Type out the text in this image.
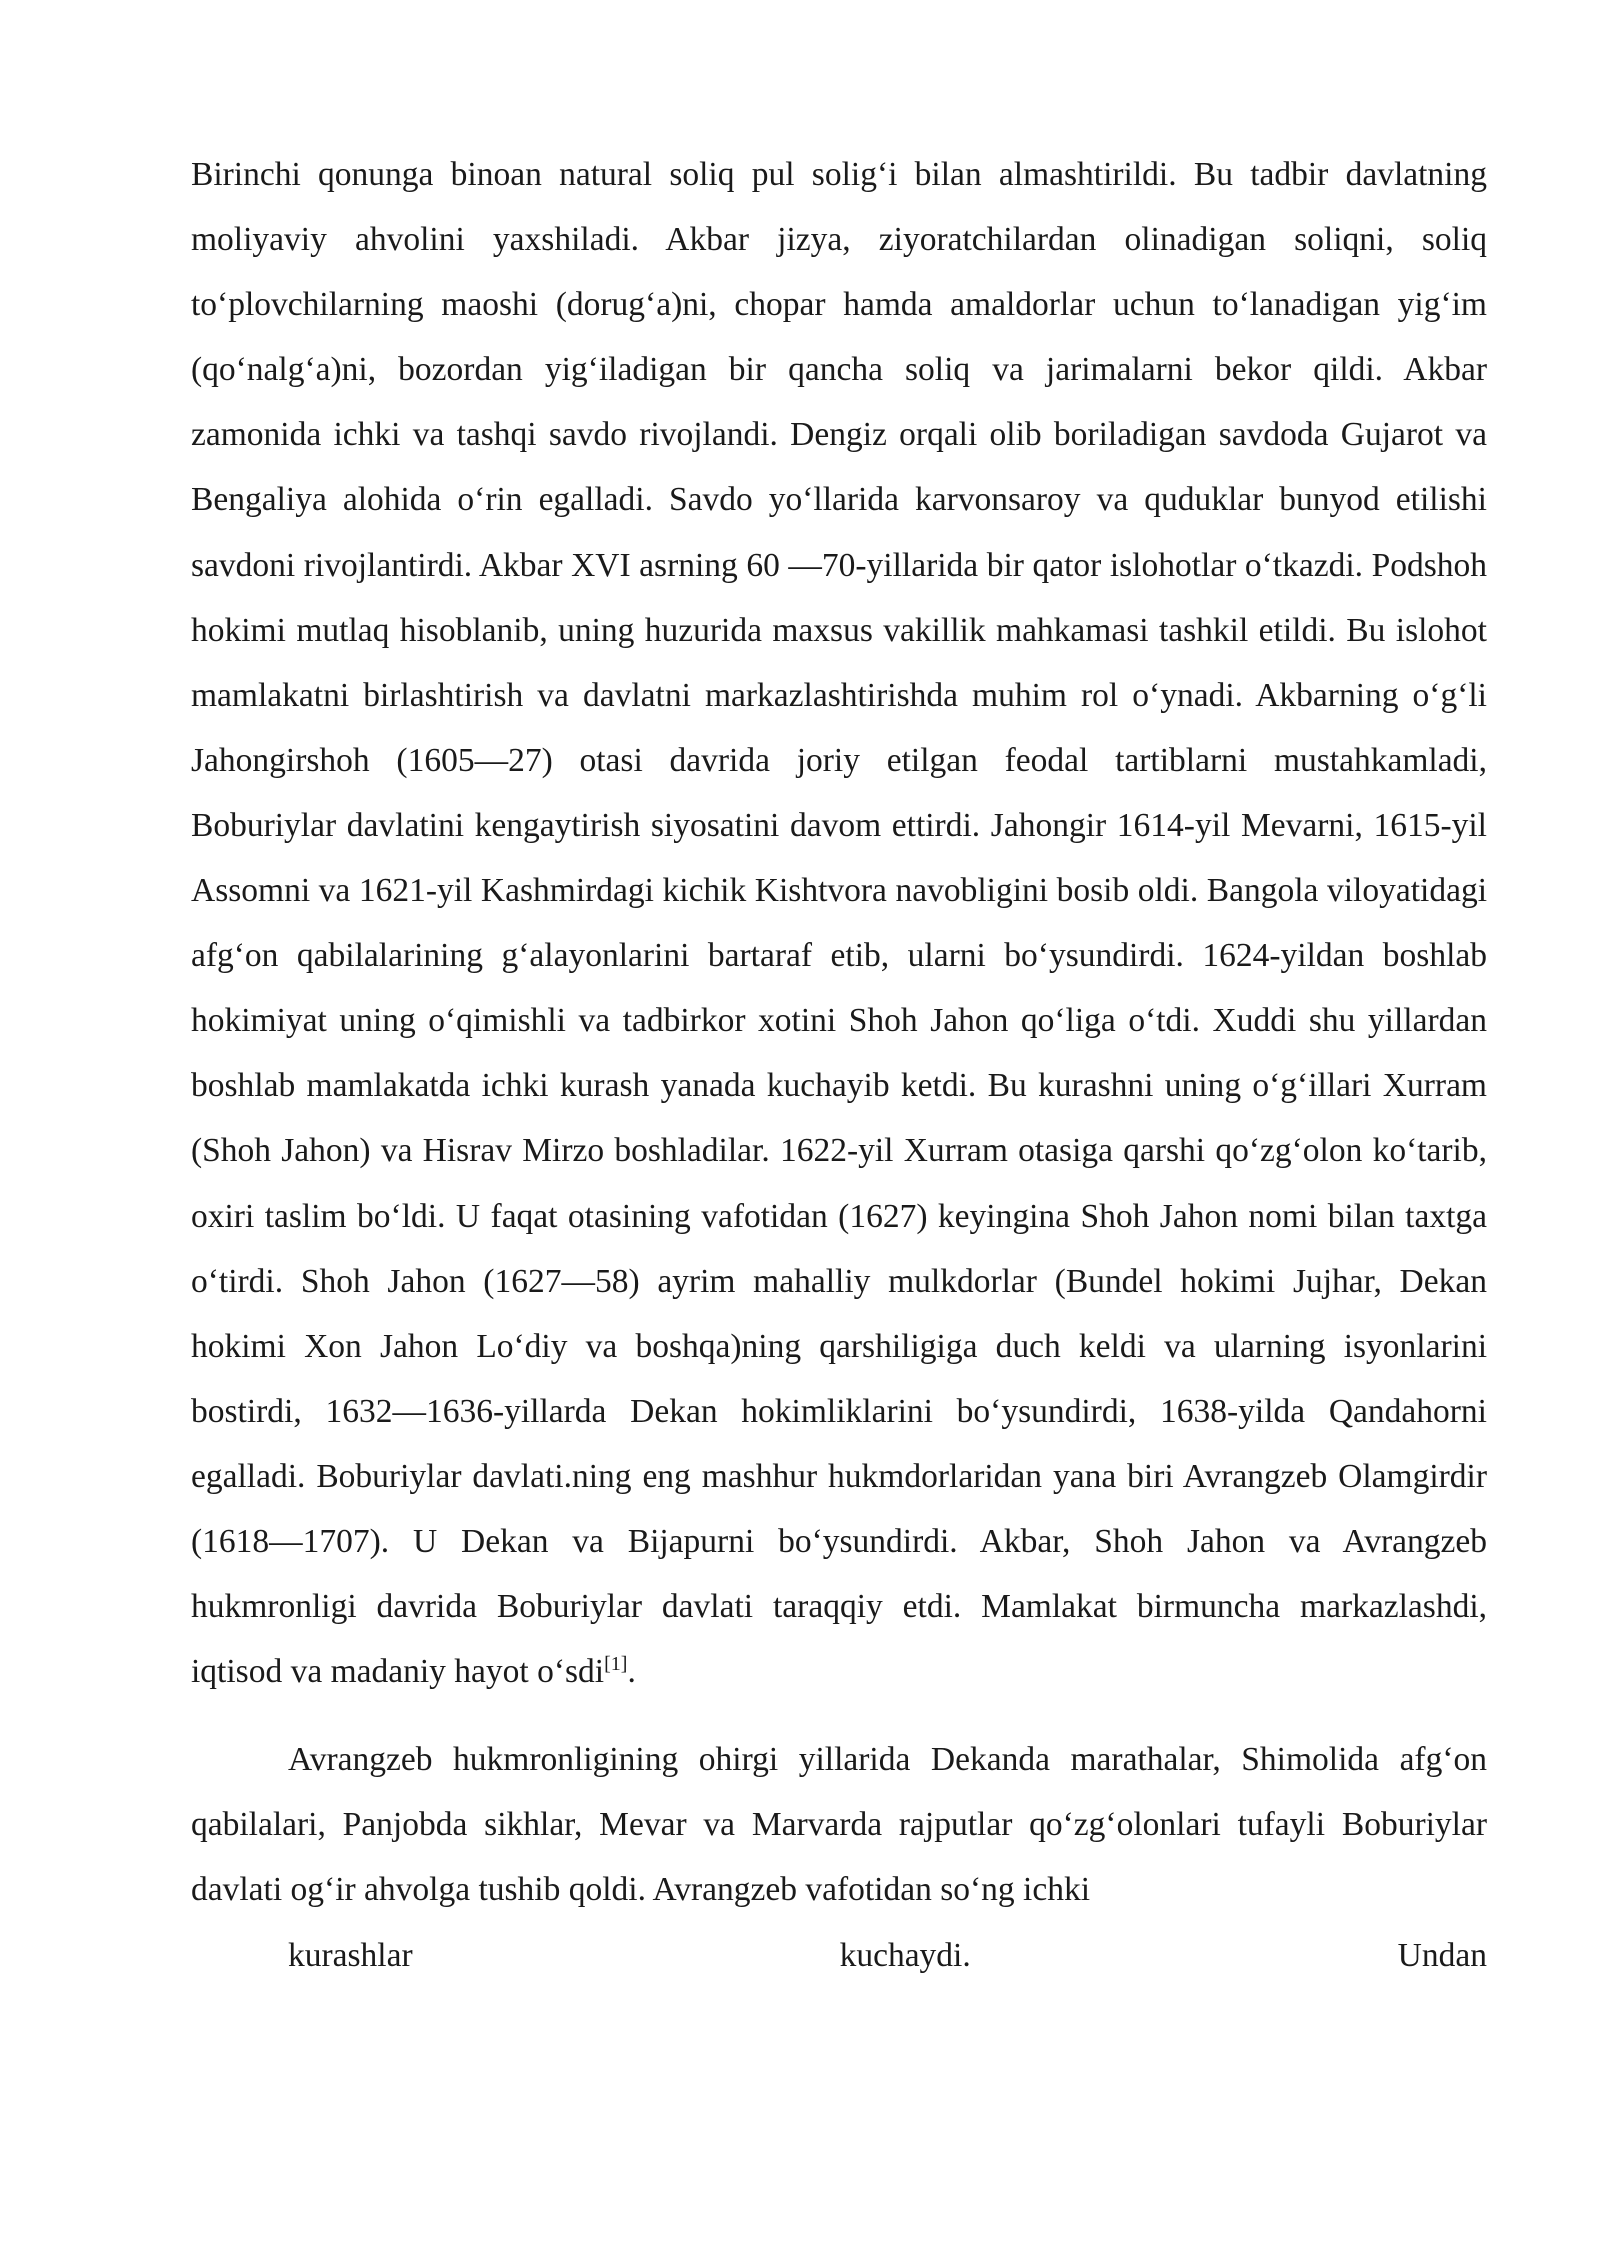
Birinchi qonunga binoan natural soliq pul solig‘i bilan almashtirildi. Bu tadbir davlatning moliyaviy ahvolini yaxshiladi. Akbar jizya, ziyoratchilardan olinadigan soliqni, soliq to‘plovchilarning maoshi (dorug‘a)ni, chopar hamda amaldorlar uchun to‘lanadigan yig‘im (qo‘nalg‘a)ni, bozordan yig‘iladigan bir qancha soliq va jarimalarni bekor qildi. Akbar zamonida ichki va tashqi savdo rivojlandi. Dengiz orqali olib boriladigan savdoda Gujarot va Bengaliya alohida o‘rin egalladi. Savdo yo‘llarida karvonsaroy va quduklar bunyod etilishi savdoni rivojlantirdi. Akbar XVI asrning 60 —70-yillarida bir qator islohotlar o‘tkazdi. Podshoh hokimi mutlaq hisoblanib, uning huzurida maxsus vakillik mahkamasi tashkil etildi. Bu islohot mamlakatni birlashtirish va davlatni markazlashtirishda muhim rol o‘ynadi. Akbarning o‘g‘li Jahongirshoh (1605—27) otasi davrida joriy etilgan feodal tartiblarni mustahkamladi, Boburiylar davlatini kengaytirish siyosatini davom ettirdi. Jahongir 1614-yil Mevarni, 1615-yil Assomni va 1621-yil Kashmirdagi kichik Kishtvora navobligini bosib oldi. Bangola viloyatidagi afg‘on qabilalarining g‘alayonlarini bartaraf etib, ularni bo‘ysundirdi. 1624-yildan boshlab hokimiyat uning o‘qimishli va tadbirkor xotini Shoh Jahon qo‘liga o‘tdi. Xuddi shu yillardan boshlab mamlakatda ichki kurash yanada kuchayib ketdi. Bu kurashni uning o‘g‘illari Xurram (Shoh Jahon) va Hisrav Mirzo boshladilar. 1622-yil Xurram otasiga qarshi qo‘zg‘olon ko‘tarib, oxiri taslim bo‘ldi. U faqat otasining vafotidan (1627) keyingina Shoh Jahon nomi bilan taxtga o‘tirdi. Shoh Jahon (1627—58) ayrim mahalliy mulkdorlar (Bundel hokimi Jujhar, Dekan hokimi Xon Jahon Lo‘diy va boshqa)ning qarshiligiga duch keldi va ularning isyonlarini bostirdi, 1632—1636-yillarda Dekan hokimliklarini bo‘ysundirdi, 1638-yilda Qandahorni egalladi. Boburiylar davlati.ning eng mashhur hukmdorlaridan yana biri Avrangzeb Olamgirdir (1618—1707). U Dekan va Bijapurni bo‘ysundirdi. Akbar, Shoh Jahon va Avrangzeb hukmronligi davrida Boburiylar davlati taraqqiy etdi. Mamlakat birmuncha markazlashdi, iqtisod va madaniy hayot o‘sdi[1].

Avrangzeb hukmronligining ohirgi yillarida Dekanda marathalar, Shimolida afg‘on qabilalari, Panjobda sikhlar, Mevar va Marvarda rajputlar qo‘zg‘olonlari tufayli Boburiylar davlati og‘ir ahvolga tushib qoldi. Avrangzeb vafotidan so‘ng ichki
kurashlar kuchaydi. Undan
